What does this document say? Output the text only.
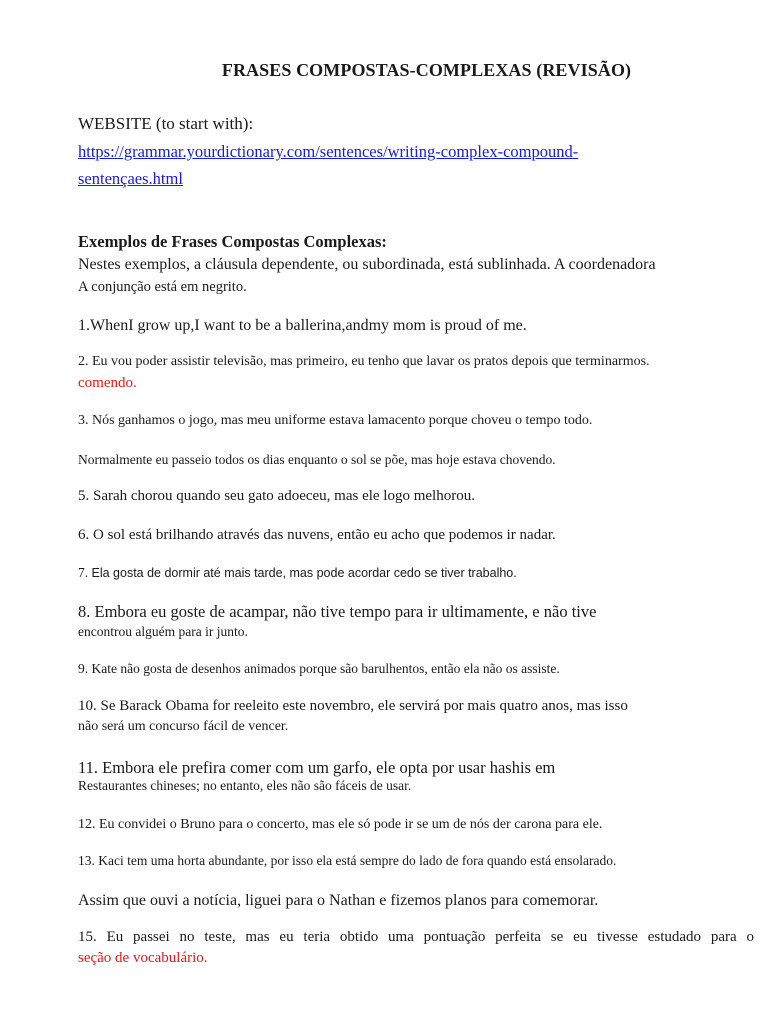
FRASES COMPOSTAS-COMPLEXAS (REVISÃO)
WEBSITE (to start with):
https://grammar.yourdictionary.com/sentences/writing-complex-compound-
sentençaes.html
Exemplos de Frases Compostas Complexas:
Nestes exemplos, a cláusula dependente, ou subordinada, está sublinhada. A coordenadora
A conjunção está em negrito.
1.WhenI grow up,I want to be a ballerina,andmy mom is proud of me.
2. Eu vou poder assistir televisão, mas primeiro, eu tenho que lavar os pratos depois que terminarmos.
comendo.
3. Nós ganhamos o jogo, mas meu uniforme estava lamacento porque choveu o tempo todo.
Normalmente eu passeio todos os dias enquanto o sol se põe, mas hoje estava chovendo.
5. Sarah chorou quando seu gato adoeceu, mas ele logo melhorou.
6. O sol está brilhando através das nuvens, então eu acho que podemos ir nadar.
7. Ela gosta de dormir até mais tarde, mas pode acordar cedo se tiver trabalho.
8. Embora eu goste de acampar, não tive tempo para ir ultimamente, e não tive
encontrou alguém para ir junto.
9. Kate não gosta de desenhos animados porque são barulhentos, então ela não os assiste.
10. Se Barack Obama for reeleito este novembro, ele servirá por mais quatro anos, mas isso
não será um concurso fácil de vencer.
11. Embora ele prefira comer com um garfo, ele opta por usar hashis em
Restaurantes chineses; no entanto, eles não são fáceis de usar.
12. Eu convidei o Bruno para o concerto, mas ele só pode ir se um de nós der carona para ele.
13. Kaci tem uma horta abundante, por isso ela está sempre do lado de fora quando está ensolarado.
Assim que ouvi a notícia, liguei para o Nathan e fizemos planos para comemorar.
15. Eu passei no teste, mas eu teria obtido uma pontuação perfeita se eu tivesse estudado para o
seção de vocabulário.
